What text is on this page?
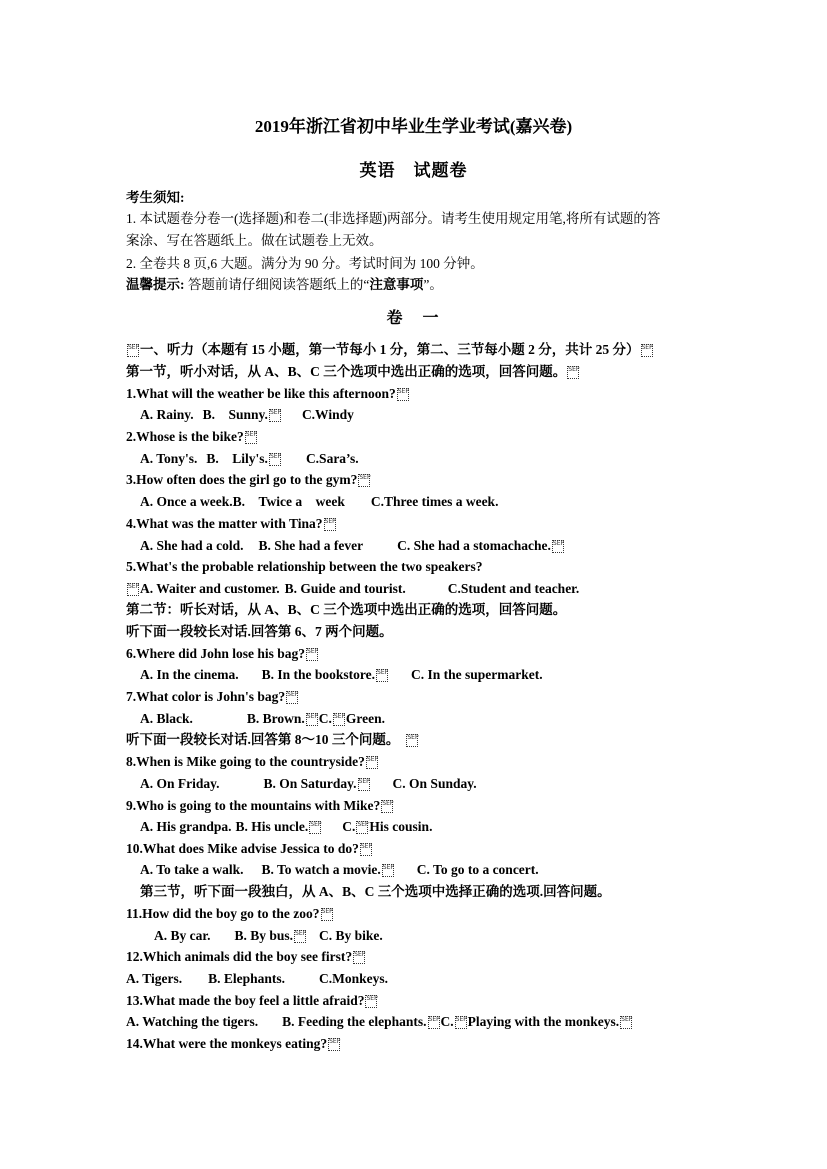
2019年浙江省初中毕业生学业考试(嘉兴卷)
英语　试题卷
考生须知:
1. 本试题卷分卷一(选择题)和卷二(非选择题)两部分。请考生使用规定用笔,将所有试题的答
案涂、写在答题纸上。做在试题卷上无效。
2. 全卷共 8 页,6 大题。满分为 90 分。考试时间为 100 分钟。
温馨提示: 答题前请仔细阅读答题纸上的“注意事项”。
卷　一
SEP一、听力（本题有 15 小题，第一节每小 1 分，第二、三节每小题 2 分，共计 25 分） SEP
第一节，听小对话，从 A、B、C 三个选项中选出正确的选项，回答问题。 SEP
1.What will the weather be like this afternoon? SEP
A. Rainy. B.　Sunny. SEP C.Windy
2.Whose is the bike? SEP
A. Tony's. B.　Lily's. SEP C.Sara’s.
3.How often does the girl go to the gym? SEP
A. Once a week.B.　Twice a　week C.Three times a week.
4.What was the matter with Tina? SEP
A. She had a cold. B. She had a fever	C. She had a stomachache. SEP
5.What's the probable relationship between the two speakers?
SEPA. Waiter and customer. B. Guide and tourist.	C.Student and teacher.
第二节：听长对话，从 A、B、C 三个选项中选出正确的选项，回答问题。
听下面一段较长对话.回答第 6、7 两个问题。
6.Where did John lose his bag? SEP
A. In the cinema. B. In the bookstore. SEP C. In the supermarket.
7.What color is John's bag? SEP
A. Black.	B. Brown. SEPC. SEPGreen.
听下面一段较长对话.回答第 8～10 三个问题。 SEP
8.When is Mike going to the countryside? SEP
A. On Friday.	B. On Saturday. SEP C. On Sunday.
9.Who is going to the mountains with Mike? SEP
A. His grandpa. B. His uncle. SEP C. SEPHis cousin.
10.What does Mike advise Jessica to do? SEP
A. To take a walk. B. To watch a movie. SEP C. To go to a concert.
第三节，听下面一段独白，从 A、B、C 三个选项中选择正确的选项.回答问题。
11.How did the boy go to the zoo? SEP
A. By car. B. By bus. SEP C. By bike.
12.Which animals did the boy see first? SEP
A. Tigers. B. Elephants.	C.Monkeys.
13.What made the boy feel a little afraid? SEP
A. Watching the tigers. B. Feeding the elephants. SEPC. SEPPlaying with the monkeys. SEP
14.What were the monkeys eating? SEP
